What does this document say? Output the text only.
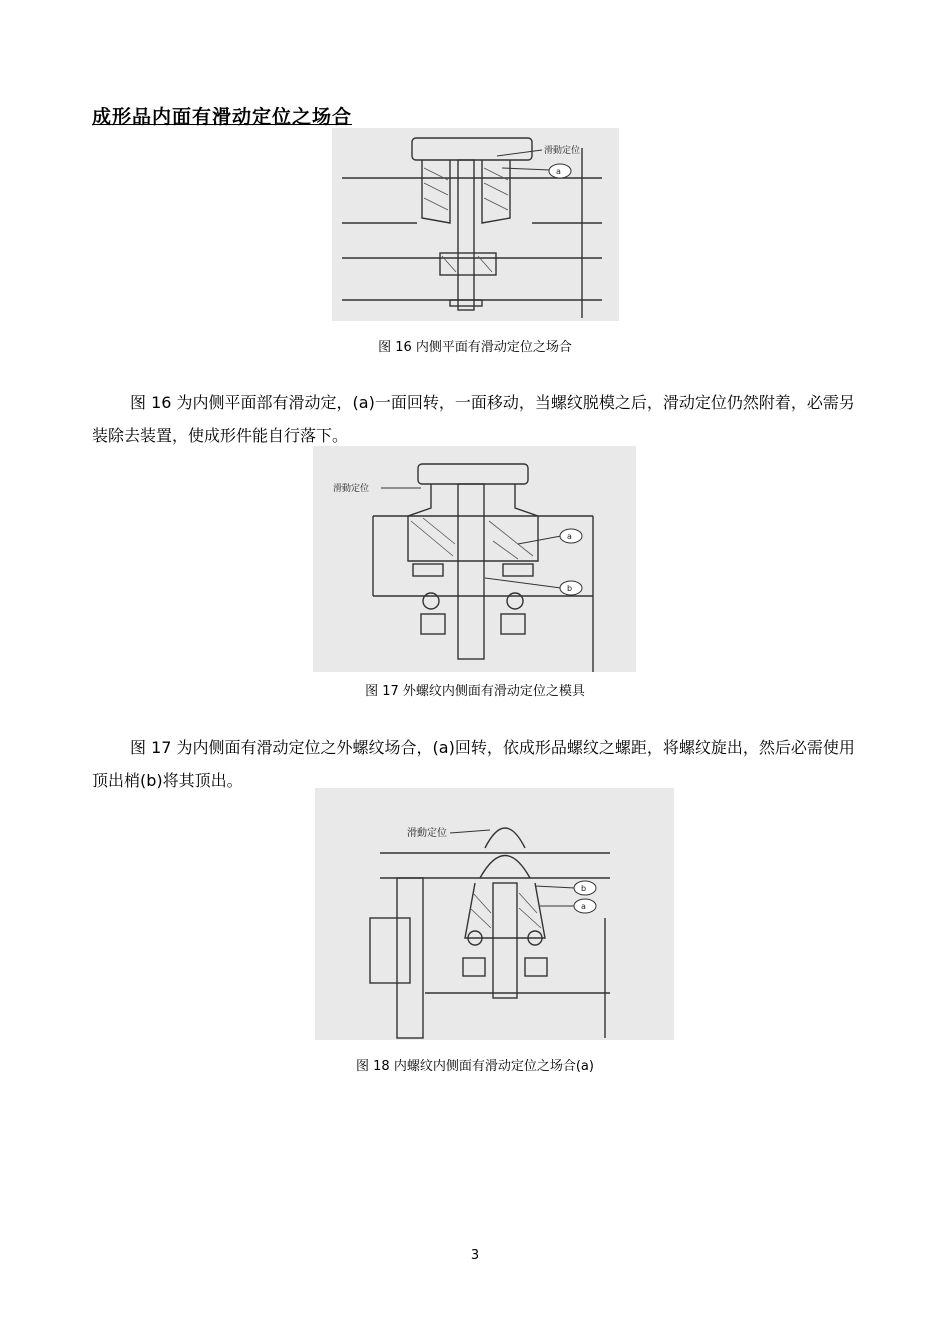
成形品内面有滑动定位之场合
滑動定位
a
图 16 内侧平面有滑动定位之场合
图 16 为内侧平面部有滑动定，(a)一面回转，一面移动，当螺纹脱模之后，滑动定位仍然附着，必需另装除去装置，使成形件能自行落下。
滑動定位
a
b
图 17 外螺纹内侧面有滑动定位之模具
图 17 为内侧面有滑动定位之外螺纹场合，(a)回转，依成形品螺纹之螺距，将螺纹旋出，然后必需使用顶出梢(b)将其顶出。
滑動定位
b
a
图 18 内螺纹内侧面有滑动定位之场合(a)
3
